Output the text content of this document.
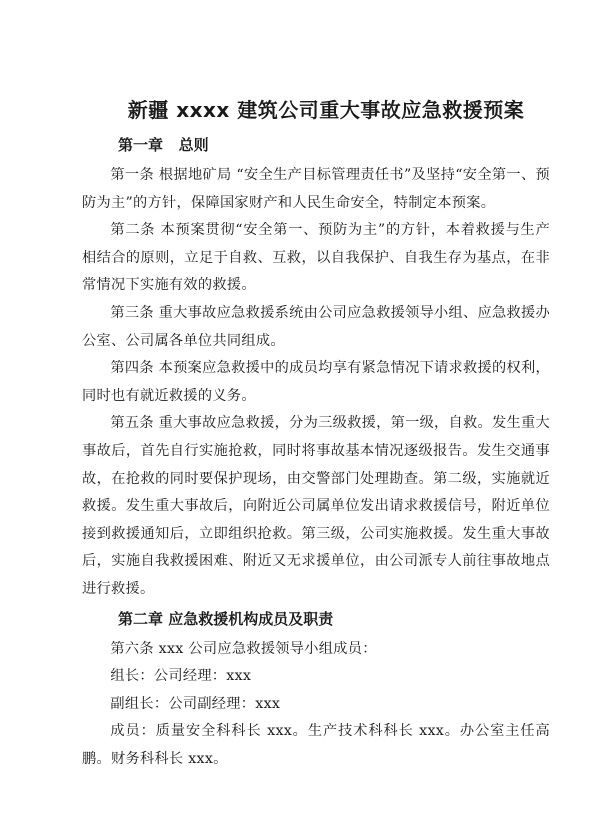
新疆 xxxx 建筑公司重大事故应急救援预案
第一章   总则

第一条 根据地矿局 “安全生产目标管理责任书”及坚持“安全第一、预防为主”的方针，保障国家财产和人民生命安全，特制定本预案。

第二条 本预案贯彻“安全第一、预防为主”的方针，本着救援与生产相结合的原则，立足于自救、互救，以自我保护、自我生存为基点，在非常情况下实施有效的救援。

第三条 重大事故应急救援系统由公司应急救援领导小组、应急救援办公室、公司属各单位共同组成。

第四条 本预案应急救援中的成员均享有紧急情况下请求救援的权利，同时也有就近救援的义务。

第五条 重大事故应急救援，分为三级救援，第一级，自救。发生重大事故后，首先自行实施抢救，同时将事故基本情况逐级报告。发生交通事故，在抢救的同时要保护现场，由交警部门处理勘查。第二级，实施就近救援。发生重大事故后，向附近公司属单位发出请求救援信号，附近单位接到救援通知后，立即组织抢救。第三级，公司实施救援。发生重大事故后，实施自我救援困难、附近又无求援单位，由公司派专人前往事故地点进行救援。

第二章 应急救援机构成员及职责

第六条 xxx 公司应急救援领导小组成员：

组长：公司经理：xxx

副组长：公司副经理：xxx

成员：质量安全科科长 xxx。生产技术科科长 xxx。办公室主任高鹏。财务科科长 xxx。
